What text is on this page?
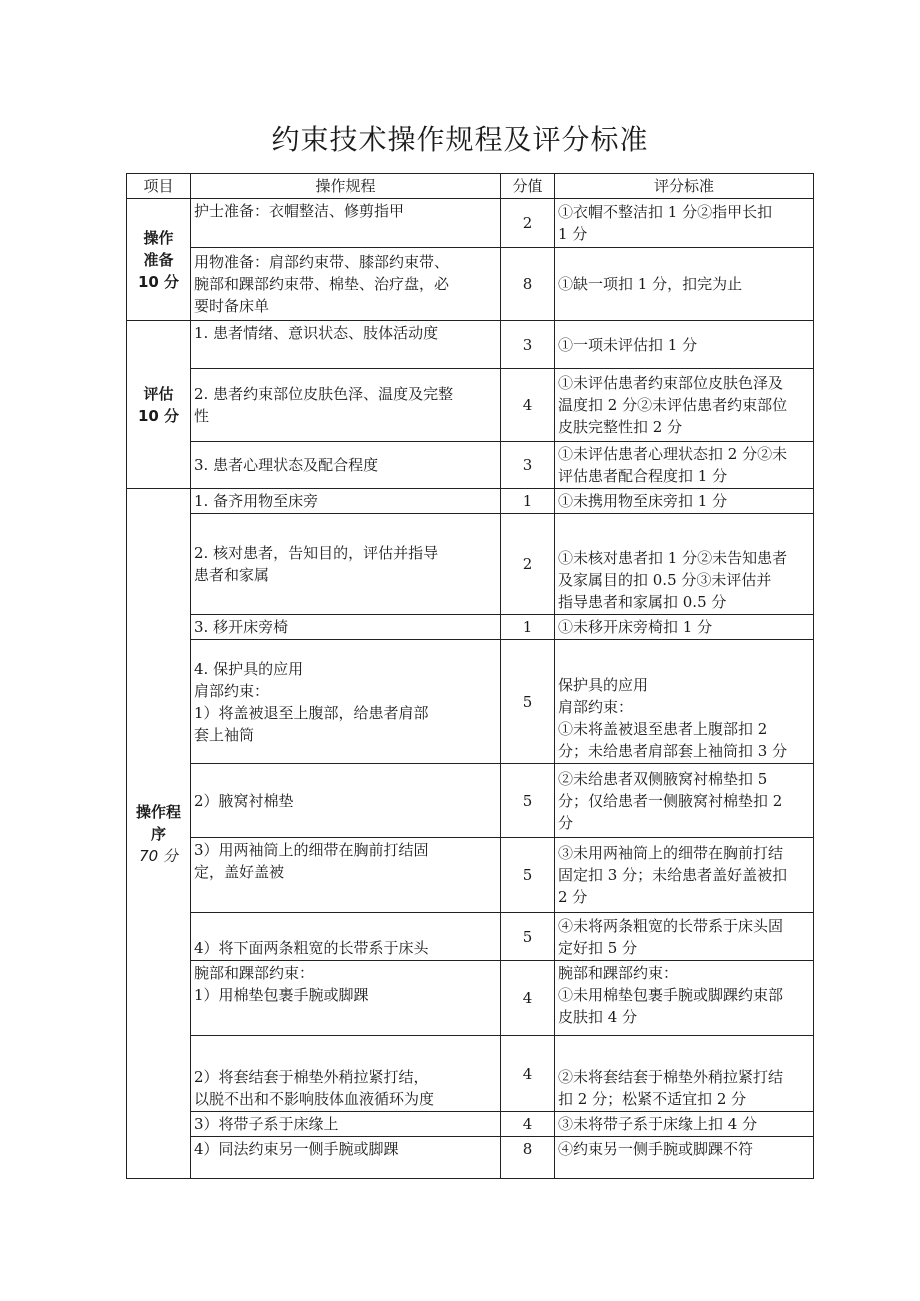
约束技术操作规程及评分标准
项目	操作规程	分值	评分标准

操作
准备
10 分	护士准备：衣帽整洁、修剪指甲	2	①衣帽不整洁扣 1 分②指甲长扣
1 分

	用物准备：肩部约束带、膝部约束带、
腕部和踝部约束带、棉垫、治疗盘，必
要时备床单	8	①缺一项扣 1 分，扣完为止

评估
10 分	1. 患者情绪、意识状态、肢体活动度	3	①一项未评估扣 1 分

	2. 患者约束部位皮肤色泽、温度及完整
性	4	①未评估患者约束部位皮肤色泽及
温度扣 2 分②未评估患者约束部位
皮肤完整性扣 2 分

	3. 患者心理状态及配合程度	3	①未评估患者心理状态扣 2 分②未
评估患者配合程度扣 1 分

操作程
序
70 分	1. 备齐用物至床旁	1	①未携用物至床旁扣 1 分

	2. 核对患者，告知目的，评估并指导
患者和家属	2	①未核对患者扣 1 分②未告知患者
及家属目的扣 0.5 分③未评估并
指导患者和家属扣 0.5 分

	3. 移开床旁椅	1	①未移开床旁椅扣 1 分

	4. 保护具的应用
肩部约束：
1）将盖被退至上腹部，给患者肩部
套上袖筒	5	保护具的应用
肩部约束：
①未将盖被退至患者上腹部扣 2
分；未给患者肩部套上袖筒扣 3 分

	2）腋窝衬棉垫	5	②未给患者双侧腋窝衬棉垫扣 5
分；仅给患者一侧腋窝衬棉垫扣 2
分

	3）用两袖筒上的细带在胸前打结固
定，盖好盖被	5	③未用两袖筒上的细带在胸前打结
固定扣 3 分；未给患者盖好盖被扣
2 分

	4）将下面两条粗宽的长带系于床头	5	④未将两条粗宽的长带系于床头固
定好扣 5 分

	腕部和踝部约束：
1）用棉垫包裹手腕或脚踝	4	腕部和踝部约束：
①未用棉垫包裹手腕或脚踝约束部
皮肤扣 4 分

	2）将套结套于棉垫外稍拉紧打结，
以脱不出和不影响肢体血液循环为度	4	②未将套结套于棉垫外稍拉紧打结
扣 2 分；松紧不适宜扣 2 分

	3）将带子系于床缘上	4	③未将带子系于床缘上扣 4 分

	4）同法约束另一侧手腕或脚踝	8	④约束另一侧手腕或脚踝不符
